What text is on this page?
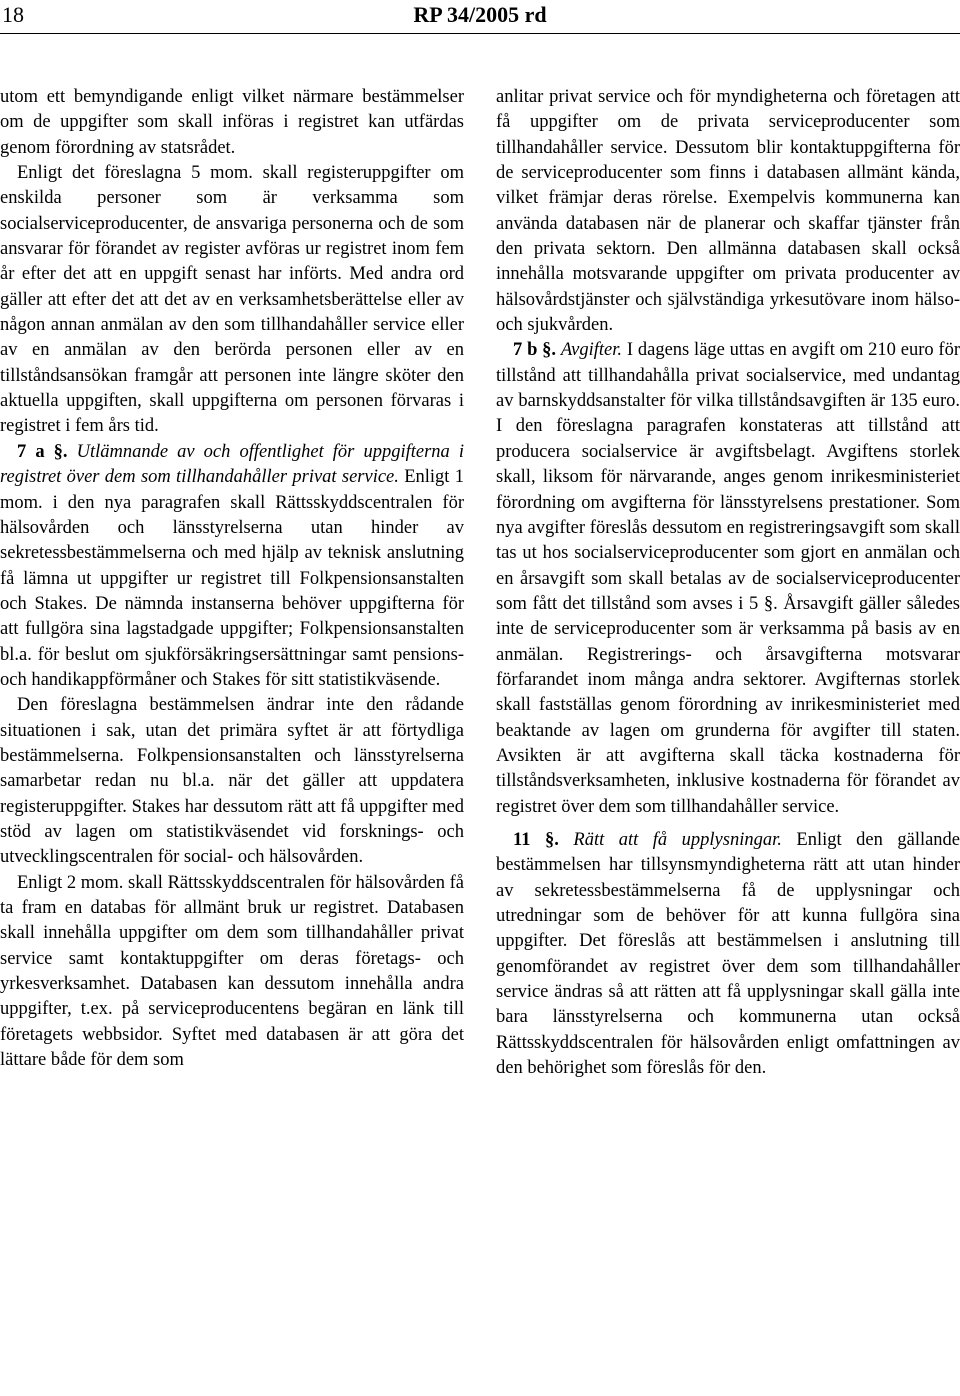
18	RP 34/2005 rd

utom ett bemyndigande enligt vilket närmare bestämmelser om de uppgifter som skall införas i registret kan utfärdas genom förordning av statsrådet.

Enligt det föreslagna 5 mom. skall registeruppgifter om enskilda personer som är verksamma som socialserviceproducenter, de ansvariga personerna och de som ansvarar för förandet av register avföras ur registret inom fem år efter det att en uppgift senast har införts. Med andra ord gäller att efter det att det av en verksamhetsberättelse eller av någon annan anmälan av den som tillhandahåller service eller av en anmälan av den berörda personen eller av en tillståndsansökan framgår att personen inte längre sköter den aktuella uppgiften, skall uppgifterna om personen förvaras i registret i fem års tid.

7 a §. Utlämnande av och offentlighet för uppgifterna i registret över dem som tillhandahåller privat service. Enligt 1 mom. i den nya paragrafen skall Rättsskyddscentralen för hälsovården och länsstyrelserna utan hinder av sekretessbestämmelserna och med hjälp av teknisk anslutning få lämna ut uppgifter ur registret till Folkpensionsanstalten och Stakes. De nämnda instanserna behöver uppgifterna för att fullgöra sina lagstadgade uppgifter; Folkpensionsanstalten bl.a. för beslut om sjukförsäkringsersättningar samt pensions- och handikappförmåner och Stakes för sitt statistikväsende.

Den föreslagna bestämmelsen ändrar inte den rådande situationen i sak, utan det primära syftet är att förtydliga bestämmelserna. Folkpensionsanstalten och länsstyrelserna samarbetar redan nu bl.a. när det gäller att uppdatera registeruppgifter. Stakes har dessutom rätt att få uppgifter med stöd av lagen om statistikväsendet vid forsknings- och utvecklingscentralen för social- och hälsovården.

Enligt 2 mom. skall Rättsskyddscentralen för hälsovården få ta fram en databas för allmänt bruk ur registret. Databasen skall innehålla uppgifter om dem som tillhandahåller privat service samt kontaktuppgifter om deras företags- och yrkesverksamhet. Databasen kan dessutom innehålla andra uppgifter, t.ex. på serviceproducentens begäran en länk till företagets webbsidor. Syftet med databasen är att göra det lättare både för dem som

anlitar privat service och för myndigheterna och företagen att få uppgifter om de privata serviceproducenter som tillhandahåller service. Dessutom blir kontaktuppgifterna för de serviceproducenter som finns i databasen allmänt kända, vilket främjar deras rörelse. Exempelvis kommunerna kan använda databasen när de planerar och skaffar tjänster från den privata sektorn. Den allmänna databasen skall också innehålla motsvarande uppgifter om privata producenter av hälsovårdstjänster och självständiga yrkesutövare inom hälso- och sjukvården.

7 b §. Avgifter. I dagens läge uttas en avgift om 210 euro för tillstånd att tillhandahålla privat socialservice, med undantag av barnskyddsanstalter för vilka tillståndsavgiften är 135 euro. I den föreslagna paragrafen konstateras att tillstånd att producera socialservice är avgiftsbelagt. Avgiftens storlek skall, liksom för närvarande, anges genom inrikesministeriet förordning om avgifterna för länsstyrelsens prestationer. Som nya avgifter föreslås dessutom en registreringsavgift som skall tas ut hos socialserviceproducenter som gjort en anmälan och en årsavgift som skall betalas av de socialserviceproducenter som fått det tillstånd som avses i 5 §. Årsavgift gäller således inte de serviceproducenter som är verksamma på basis av en anmälan. Registrerings- och årsavgifterna motsvarar förfarandet inom många andra sektorer. Avgifternas storlek skall fastställas genom förordning av inrikesministeriet med beaktande av lagen om grunderna för avgifter till staten. Avsikten är att avgifterna skall täcka kostnaderna för tillståndsverksamheten, inklusive kostnaderna för förandet av registret över dem som tillhandahåller service.

11 §. Rätt att få upplysningar. Enligt den gällande bestämmelsen har tillsynsmyndigheterna rätt att utan hinder av sekretessbestämmelserna få de upplysningar och utredningar som de behöver för att kunna fullgöra sina uppgifter. Det föreslås att bestämmelsen i anslutning till genomförandet av registret över dem som tillhandahåller service ändras så att rätten att få upplysningar skall gälla inte bara länsstyrelserna och kommunerna utan också Rättsskyddscentralen för hälsovården enligt omfattningen av den behörighet som föreslås för den.
